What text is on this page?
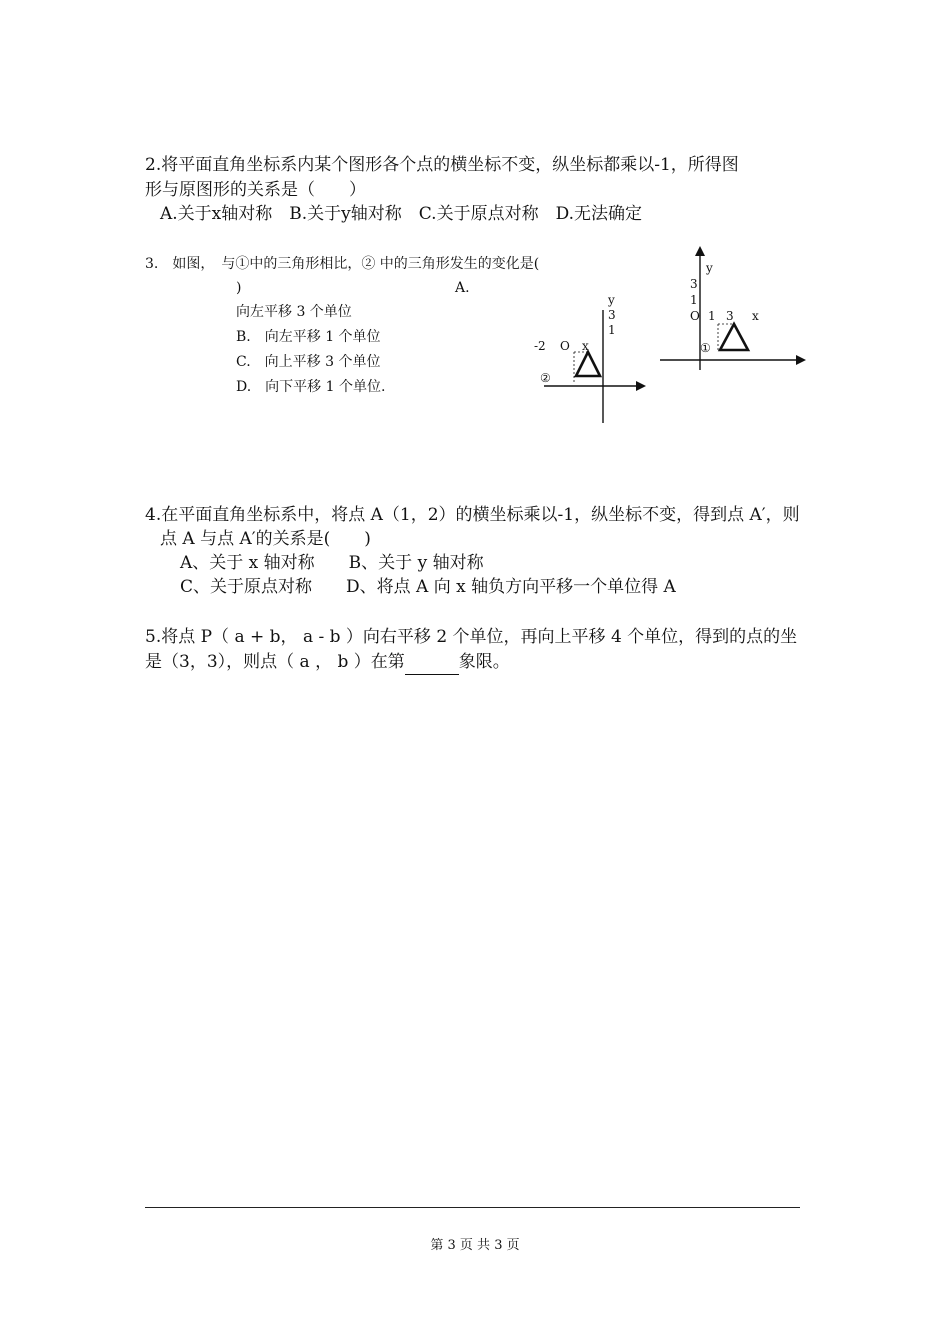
2.将平面直角坐标系内某个图形各个点的横坐标不变，纵坐标都乘以-1，所得图
形与原图形的关系是（　　）
A.关于x轴对称　B.关于y轴对称　C.关于原点对称　D.无法确定
3.　如图，　与①中的三角形相比，② 中的三角形发生的变化是(
)	A.
向左平移 3 个单位
B.　向左平移 1 个单位
C.　向上平移 3 个单位
D.　向下平移 1 个单位.
y
3
1
O 1 3 x
①
y
3
1
-2 O x
②
4.在平面直角坐标系中，将点 A（1，2）的横坐标乘以-1，纵坐标不变，得到点 A′，则
点 A 与点 A′的关系是(　　)
A、关于 x 轴对称　　B、关于 y 轴对称
C、关于原点对称　　D、将点 A 向 x 轴负方向平移一个单位得 A
5.将点 P（ a + b， a - b ）向右平移 2 个单位，再向上平移 4 个单位，得到的点的坐
是（3，3），则点（ a ， b ）在第	象限。
第 3 页 共 3 页
